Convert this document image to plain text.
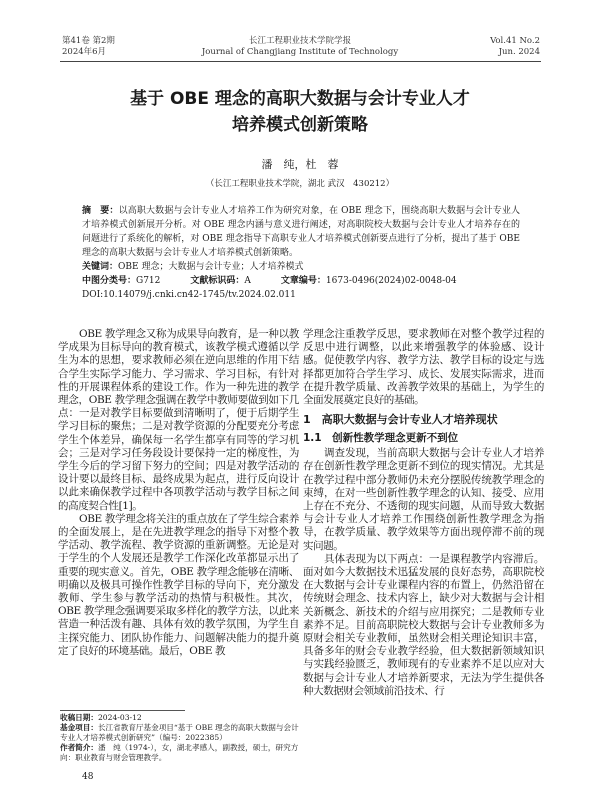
第41卷 第2期
2024年6月
长江工程职业技术学院学报
Journal of Changjiang Institute of Technology
Vol.41 No.2
Jun. 2024
基于 OBE 理念的高职大数据与会计专业人才
培养模式创新策略
潘　纯，杜　蓉
（长江工程职业技术学院，湖北 武汉　430212）
摘　要：以高职大数据与会计专业人才培养工作为研究对象，在 OBE 理念下，围绕高职大数据与会计专业人才培养模式创新展开分析。对 OBE 理念内涵与意义进行阐述，对高职院校大数据与会计专业人才培养存在的问题进行了系统化的解析，对 OBE 理念指导下高职专业人才培养模式创新要点进行了分析，提出了基于 OBE 理念的高职大数据与会计专业人才培养模式创新策略。
关键词：OBE 理念；大数据与会计专业；人才培养模式
中图分类号：G712	文献标识码：A	文章编号：1673-0496(2024)02-0048-04
DOI:10.14079/j.cnki.cn42-1745/tv.2024.02.011

OBE 教学理念又称为成果导向教育，是一种以教学成果为目标导向的教育模式，该教学模式遵循以学生为本的思想，要求教师必须在逆向思维的作用下结合学生实际学习能力、学习需求、学习目标，有针对性的开展课程体系的建设工作。作为一种先进的教学理念，OBE 教学理念强调在教学中教师要做到如下几点：一是对教学目标要做到清晰明了，便于后期学生学习目标的聚焦；二是对教学资源的分配要充分考虑学生个体差异，确保每一名学生都享有同等的学习机会；三是对学习任务段设计要保持一定的梯度性，为学生今后的学习留下努力的空间；四是对教学活动的设计要以最终目标、最终成果为起点，进行反向设计以此来确保教学过程中各项教学活动与教学目标之间的高度契合性[1]。

OBE 教学理念将关注的重点放在了学生综合素养的全面发展上，是在先进教学理念的指导下对整个教学活动、教学流程、教学资源的重新调整。无论是对于学生的个人发展还是教学工作深化改革都显示出了重要的现实意义。首先，OBE 教学理念能够在清晰、明确以及极具可操作性教学目标的导向下，充分激发教师、学生参与教学活动的热情与积极性。其次，OBE 教学理念强调要采取多样化的教学方法，以此来营造一种活泼有趣、具体有效的教学氛围，为学生自主探究能力、团队协作能力、问题解决能力的提升奠定了良好的环境基础。最后，OBE 教

学理念注重教学反思，要求教师在对整个教学过程的反思中进行调整，以此来增强教学的体验感、设计感。促使教学内容、教学方法、教学目标的设定与选择都更加符合学生学习、成长、发展实际需求，进而在提升教学质量、改善教学效果的基础上，为学生的全面发展奠定良好的基础。

1　高职大数据与会计专业人才培养现状
1.1　创新性教学理念更新不到位

调查发现，当前高职大数据与会计专业人才培养存在创新性教学理念更新不到位的现实情况。尤其是在教学过程中部分教师仍未充分摆脱传统教学理念的束缚，在对一些创新性教学理念的认知、接受、应用上存在不充分、不透彻的现实问题，从而导致大数据与会计专业人才培养工作围绕创新性教学理念为指导，在教学质量、教学效果等方面出现停滞不前的现实问题。

具体表现为以下两点：一是课程教学内容滞后。面对如今大数据技术迅猛发展的良好态势，高职院校在大数据与会计专业课程内容的布置上，仍然沿留在传统财会理念、技术内容上，缺少对大数据与会计相关新概念、新技术的介绍与应用探究；二是教师专业素养不足。目前高职院校大数据与会计专业教师多为原财会相关专业教师，虽然财会相关理论知识丰富，具备多年的财会专业教学经验，但大数据新领域知识与实践经验匮乏，教师现有的专业素养不足以应对大数据与会计专业人才培养新要求，无法为学生提供各种大数据财会领域前沿技术、行

收稿日期：2024-03-12
基金项目：长江省教育厅基金项目“基于 OBE 理念的高职大数据与会计专业人才培养模式创新研究”（编号：2022385）
作者简介：潘　纯（1974-），女，湖北孝感人，副教授，硕士，研究方向：职业教育与财会管理教学。
48
